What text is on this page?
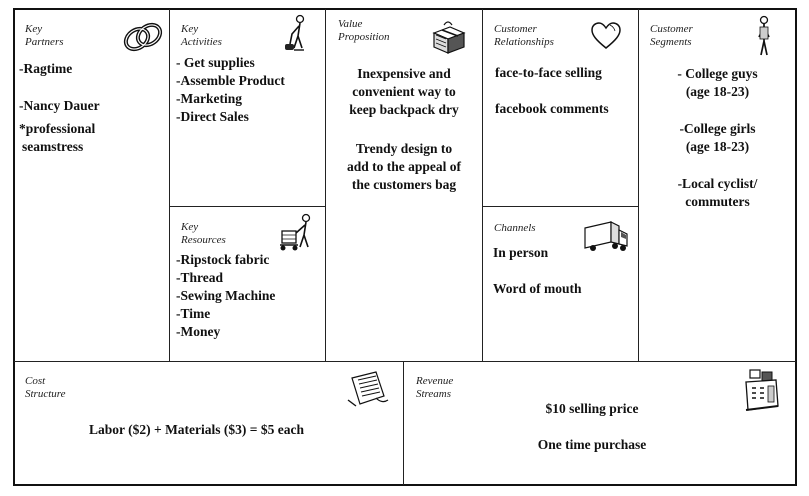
Key
Partners
-Ragtime
-Nancy Dauer
*professional
seamstress
Key
Activities
- Get supplies
-Assemble Product
-Marketing
-Direct Sales
Key
Resources
-Ripstock fabric
-Thread
-Sewing Machine
-Time
-Money
Value
Proposition
Inexpensive and
convenient way to
keep backpack dry
Trendy design to
add to the appeal of
the customers bag
Customer
Relationships
face-to-face selling
facebook comments
Channels
In person
Word of mouth
Customer
Segments
- College guys
(age 18-23)
-College girls
(age 18-23)
-Local cyclist/
commuters
Cost
Structure
Labor ($2) + Materials ($3) = $5 each
Revenue
Streams
$10 selling price
One time purchase
